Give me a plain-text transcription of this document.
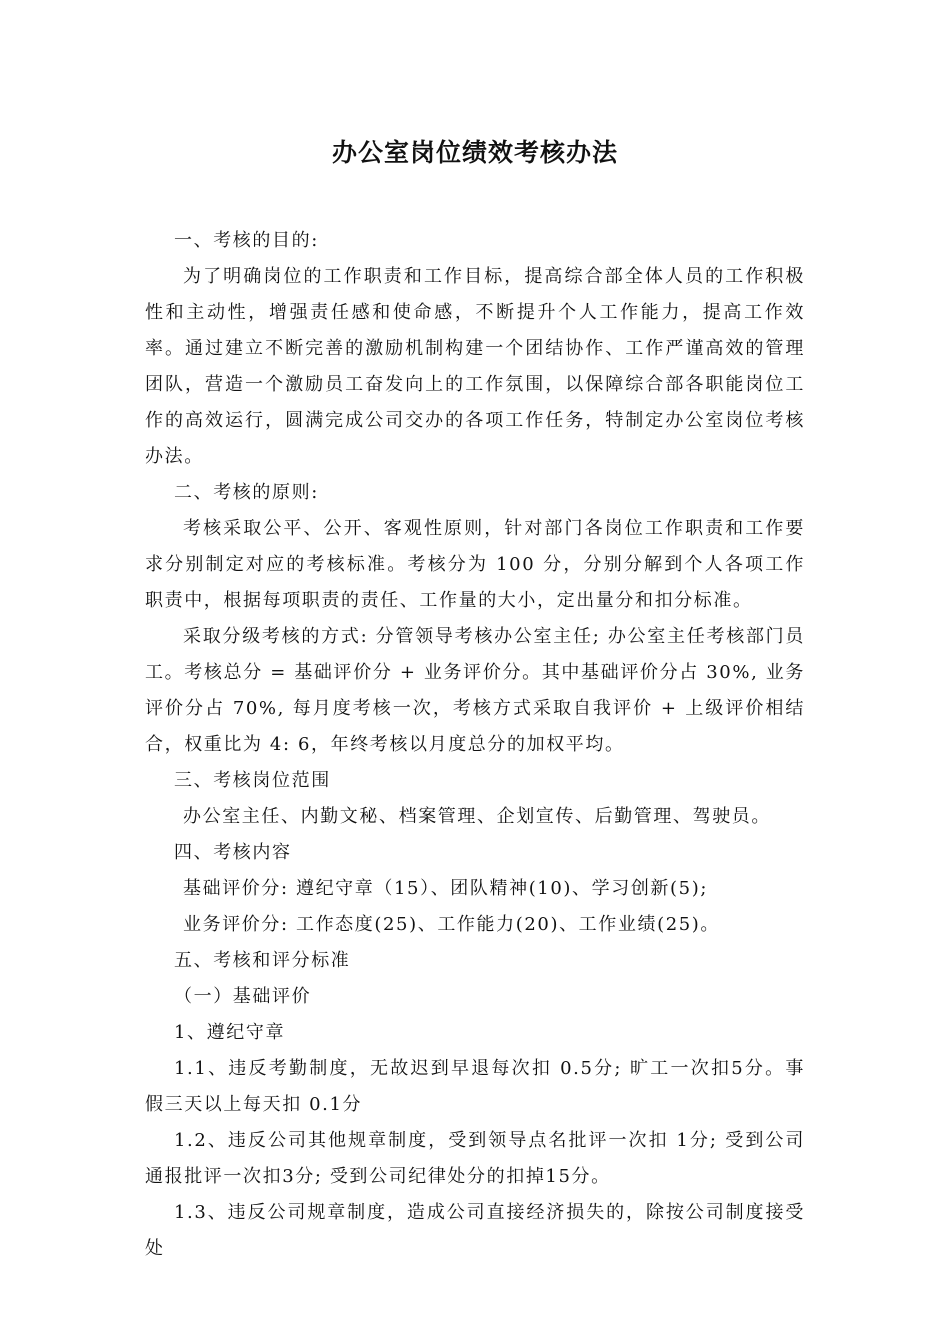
办公室岗位绩效考核办法

一、考核的目的:

为了明确岗位的工作职责和工作目标，提高综合部全体人员的工作积极性和主动性，增强责任感和使命感，不断提升个人工作能力，提高工作效率。通过建立不断完善的激励机制构建一个团结协作、工作严谨高效的管理团队，营造一个激励员工奋发向上的工作氛围，以保障综合部各职能岗位工作的高效运行，圆满完成公司交办的各项工作任务，特制定办公室岗位考核办法。

二、考核的原则:

考核采取公平、公开、客观性原则，针对部门各岗位工作职责和工作要求分别制定对应的考核标准。考核分为 100 分，分别分解到个人各项工作职责中，根据每项职责的责任、工作量的大小，定出量分和扣分标准。

采取分级考核的方式: 分管领导考核办公室主任; 办公室主任考核部门员工。考核总分 = 基础评价分 + 业务评价分。其中基础评价分占 30%, 业务评价分占 70%, 每月度考核一次，考核方式采取自我评价 + 上级评价相结合，权重比为 4: 6，年终考核以月度总分的加权平均。

三、考核岗位范围

办公室主任、内勤文秘、档案管理、企划宣传、后勤管理、驾驶员。

四、考核内容

基础评价分: 遵纪守章（15）、团队精神(10)、学习创新(5);

业务评价分: 工作态度(25)、工作能力(20)、工作业绩(25)。

五、考核和评分标准

（一）基础评价

1、遵纪守章

1.1、违反考勤制度，无故迟到早退每次扣 0.5分; 旷工一次扣5分。事假三天以上每天扣 0.1分

1.2、违反公司其他规章制度，受到领导点名批评一次扣 1分; 受到公司通报批评一次扣3分; 受到公司纪律处分的扣掉15分。

1.3、违反公司规章制度，造成公司直接经济损失的，除按公司制度接受处
